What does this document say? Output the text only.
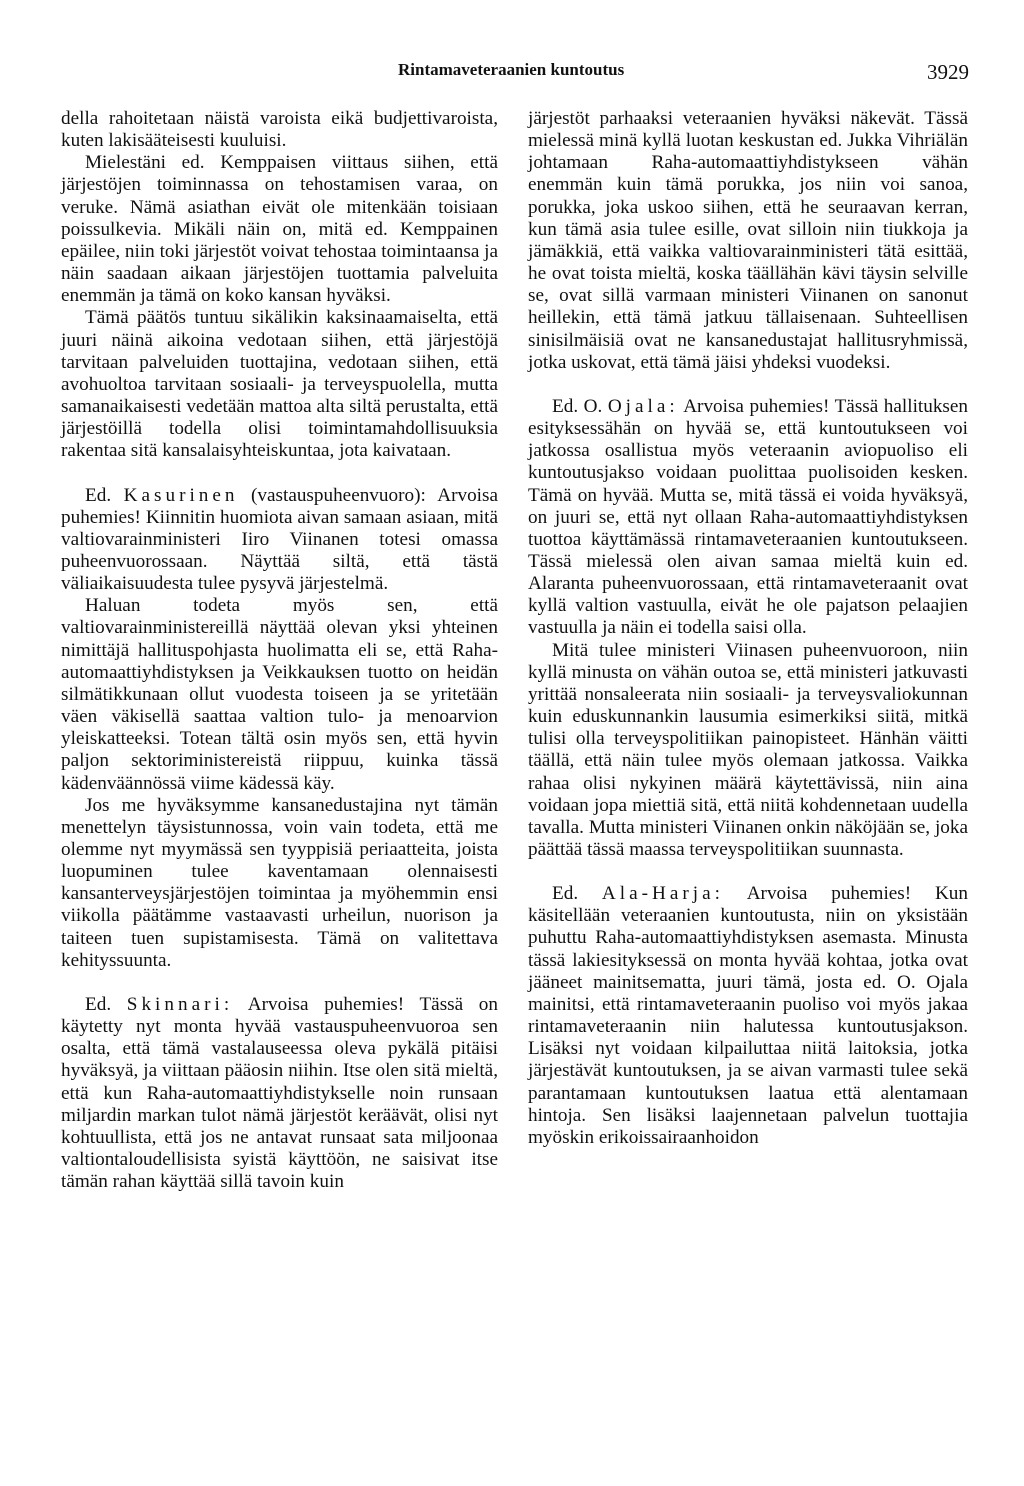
Rintamaveteraanien kuntoutus	3929

della rahoitetaan näistä varoista eikä budjettivaroista, kuten lakisääteisesti kuuluisi.

Mielestäni ed. Kemppaisen viittaus siihen, että järjestöjen toiminnassa on tehostamisen varaa, on veruke. Nämä asiathan eivät ole mitenkään toisiaan poissulkevia. Mikäli näin on, mitä ed. Kemppainen epäilee, niin toki järjestöt voivat tehostaa toimintaansa ja näin saadaan aikaan järjestöjen tuottamia palveluita enemmän ja tämä on koko kansan hyväksi.

Tämä päätös tuntuu sikälikin kaksinaamaiselta, että juuri näinä aikoina vedotaan siihen, että järjestöjä tarvitaan palveluiden tuottajina, vedotaan siihen, että avohuoltoa tarvitaan sosiaali- ja terveyspuolella, mutta samanaikaisesti vedetään mattoa alta siltä perustalta, että järjestöillä todella olisi toimintamahdollisuuksia rakentaa sitä kansalaisyhteiskuntaa, jota kaivataan.

Ed. Kasurinen (vastauspuheenvuoro): Arvoisa puhemies! Kiinnitin huomiota aivan samaan asiaan, mitä valtiovarainministeri Iiro Viinanen totesi omassa puheenvuorossaan. Näyttää siltä, että tästä väliaikaisuudesta tulee pysyvä järjestelmä.

Haluan todeta myös sen, että valtiovarainministereillä näyttää olevan yksi yhteinen nimittäjä hallituspohjasta huolimatta eli se, että Raha-automaattiyhdistyksen ja Veikkauksen tuotto on heidän silmätikkunaan ollut vuodesta toiseen ja se yritetään väen väkisellä saattaa valtion tulo- ja menoarvion yleiskatteeksi. Totean tältä osin myös sen, että hyvin paljon sektoriministereistä riippuu, kuinka tässä kädenväännössä viime kädessä käy.

Jos me hyväksymme kansanedustajina nyt tämän menettelyn täysistunnossa, voin vain todeta, että me olemme nyt myymässä sen tyyppisiä periaatteita, joista luopuminen tulee kaventamaan olennaisesti kansanterveysjärjestöjen toimintaa ja myöhemmin ensi viikolla päätämme vastaavasti urheilun, nuorison ja taiteen tuen supistamisesta. Tämä on valitettava kehityssuunta.

Ed. Skinnari: Arvoisa puhemies! Tässä on käytetty nyt monta hyvää vastauspuheenvuoroa sen osalta, että tämä vastalauseessa oleva pykälä pitäisi hyväksyä, ja viittaan pääosin niihin. Itse olen sitä mieltä, että kun Raha-automaattiyhdistykselle noin runsaan miljardin markan tulot nämä järjestöt keräävät, olisi nyt kohtuullista, että jos ne antavat runsaat sata miljoonaa valtiontaloudellisista syistä käyttöön, ne saisivat itse tämän rahan käyttää sillä tavoin kuin

järjestöt parhaaksi veteraanien hyväksi näkevät. Tässä mielessä minä kyllä luotan keskustan ed. Jukka Vihriälän johtamaan Raha-automaattiyhdistykseen vähän enemmän kuin tämä porukka, jos niin voi sanoa, porukka, joka uskoo siihen, että he seuraavan kerran, kun tämä asia tulee esille, ovat silloin niin tiukkoja ja jämäkkiä, että vaikka valtiovarainministeri tätä esittää, he ovat toista mieltä, koska täällähän kävi täysin selville se, ovat sillä varmaan ministeri Viinanen on sanonut heillekin, että tämä jatkuu tällaisenaan. Suhteellisen sinisilmäisiä ovat ne kansanedustajat hallitusryhmissä, jotka uskovat, että tämä jäisi yhdeksi vuodeksi.

Ed. O. Ojala: Arvoisa puhemies! Tässä hallituksen esityksessähän on hyvää se, että kuntoutukseen voi jatkossa osallistua myös veteraanin aviopuoliso eli kuntoutusjakso voidaan puolittaa puolisoiden kesken. Tämä on hyvää. Mutta se, mitä tässä ei voida hyväksyä, on juuri se, että nyt ollaan Raha-automaattiyhdistyksen tuottoa käyttämässä rintamaveteraanien kuntoutukseen. Tässä mielessä olen aivan samaa mieltä kuin ed. Alaranta puheenvuorossaan, että rintamaveteraanit ovat kyllä valtion vastuulla, eivät he ole pajatson pelaajien vastuulla ja näin ei todella saisi olla.

Mitä tulee ministeri Viinasen puheenvuoroon, niin kyllä minusta on vähän outoa se, että ministeri jatkuvasti yrittää nonsaleerata niin sosiaali- ja terveysvaliokunnan kuin eduskunnankin lausumia esimerkiksi siitä, mitkä tulisi olla terveyspolitiikan painopisteet. Hänhän väitti täällä, että näin tulee myös olemaan jatkossa. Vaikka rahaa olisi nykyinen määrä käytettävissä, niin aina voidaan jopa miettiä sitä, että niitä kohdennetaan uudella tavalla. Mutta ministeri Viinanen onkin näköjään se, joka päättää tässä maassa terveyspolitiikan suunnasta.

Ed. Ala-Harja: Arvoisa puhemies! Kun käsitellään veteraanien kuntoutusta, niin on yksistään puhuttu Raha-automaattiyhdistyksen asemasta. Minusta tässä lakiesityksessä on monta hyvää kohtaa, jotka ovat jääneet mainitsematta, juuri tämä, josta ed. O. Ojala mainitsi, että rintamaveteraanin puoliso voi myös jakaa rintamaveteraanin niin halutessa kuntoutusjakson. Lisäksi nyt voidaan kilpailuttaa niitä laitoksia, jotka järjestävät kuntoutuksen, ja se aivan varmasti tulee sekä parantamaan kuntoutuksen laatua että alentamaan hintoja. Sen lisäksi laajennetaan palvelun tuottajia myöskin erikoissairaanhoidon
